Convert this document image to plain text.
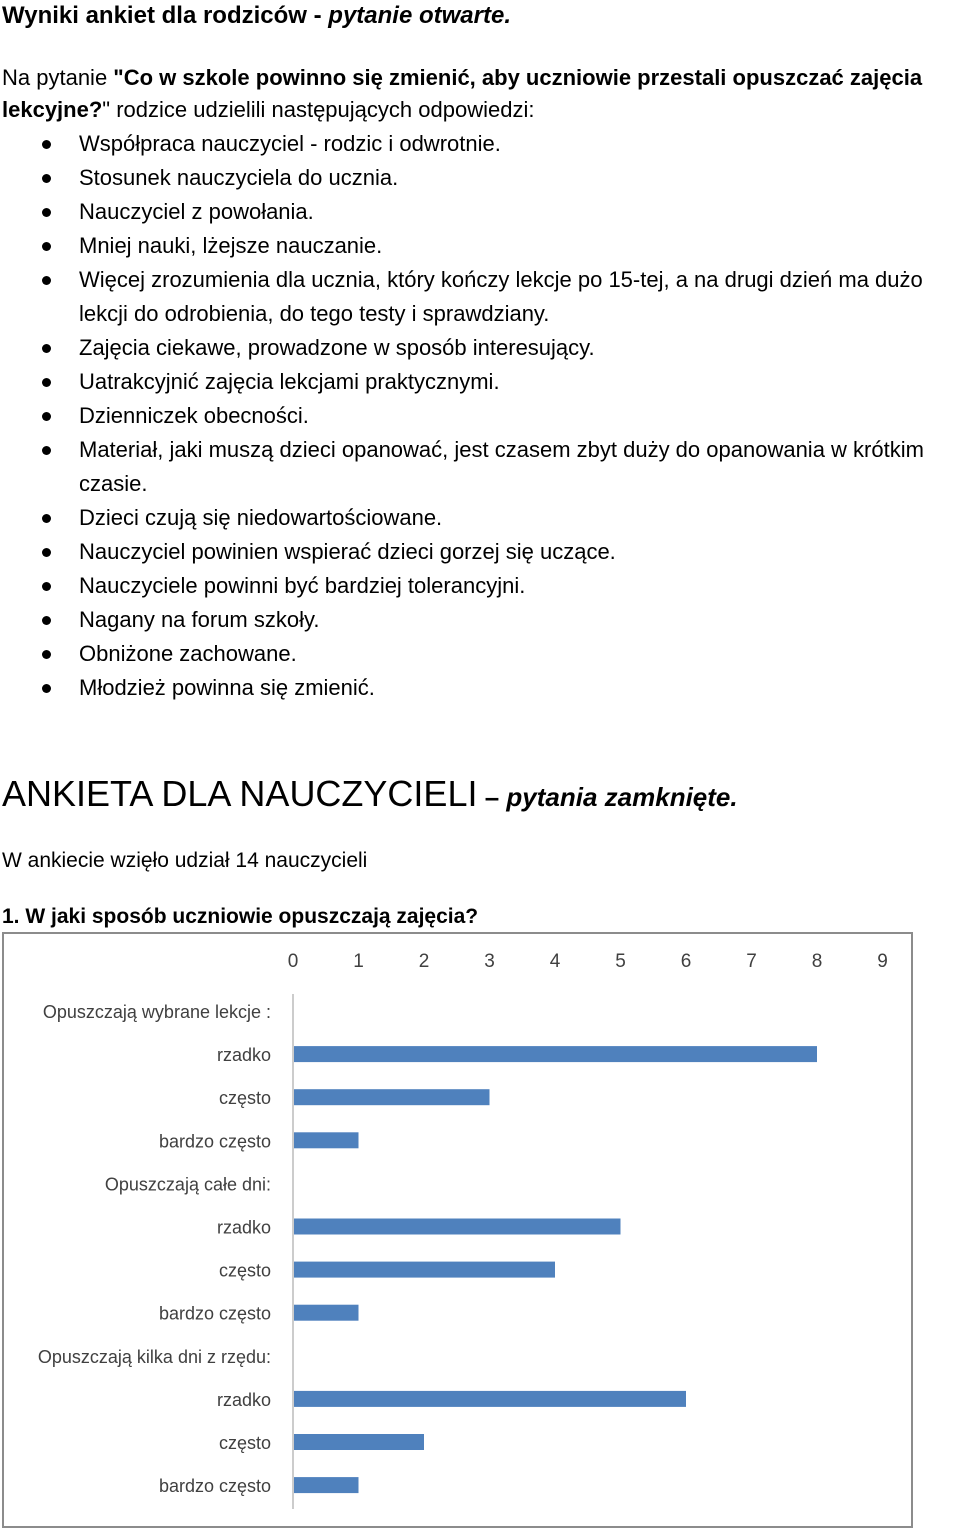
Wyniki ankiet dla rodziców - pytanie otwarte.
Na pytanie "Co w szkole powinno się zmienić, aby uczniowie przestali opuszczać zajęcia lekcyjne?" rodzice udzielili następujących odpowiedzi:
Współpraca nauczyciel - rodzic i odwrotnie.
Stosunek nauczyciela do ucznia.
Nauczyciel z powołania.
Mniej nauki, lżejsze nauczanie.
Więcej zrozumienia dla ucznia, który kończy lekcje po 15-tej, a na drugi dzień ma dużo lekcji do odrobienia, do tego testy i sprawdziany.
Zajęcia ciekawe, prowadzone w sposób interesujący.
Uatrakcyjnić zajęcia lekcjami praktycznymi.
Dzienniczek obecności.
Materiał, jaki muszą dzieci opanować, jest czasem zbyt duży do opanowania w krótkim czasie.
Dzieci czują się niedowartościowane.
Nauczyciel powinien wspierać dzieci gorzej się uczące.
Nauczyciele powinni być bardziej tolerancyjni.
Nagany na forum szkoły.
Obniżone zachowane.
Młodzież powinna się zmienić.
ANKIETA DLA NAUCZYCIELI – pytania zamknięte.
W ankiecie wzięło udział 14 nauczycieli
1. W jaki sposób uczniowie opuszczają zajęcia?
0	1	2	3	4	5	6	7	8	9
Opuszczają wybrane lekcje :
rzadko
często
bardzo często
Opuszczają całe dni:
rzadko
często
bardzo często
Opuszczają kilka dni z rzędu:
rzadko
często
bardzo często
